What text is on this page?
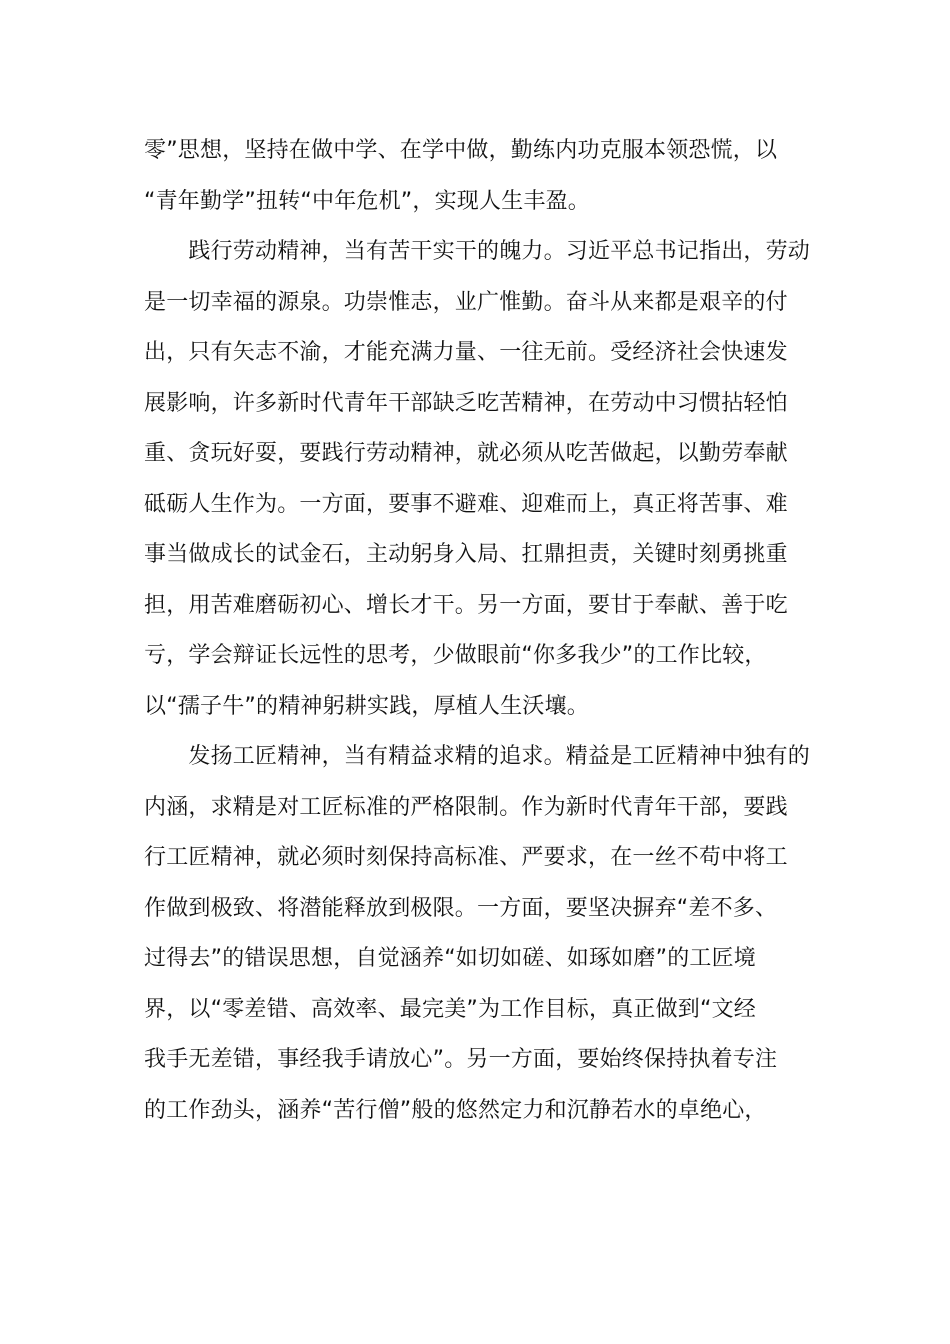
零”思想，坚持在做中学、在学中做，勤练内功克服本领恐慌，以
“青年勤学”扭转“中年危机”，实现人生丰盈。
　　践行劳动精神，当有苦干实干的魄力。习近平总书记指出，劳动
是一切幸福的源泉。功崇惟志，业广惟勤。奋斗从来都是艰辛的付
出，只有矢志不渝，才能充满力量、一往无前。受经济社会快速发
展影响，许多新时代青年干部缺乏吃苦精神，在劳动中习惯拈轻怕
重、贪玩好耍，要践行劳动精神，就必须从吃苦做起，以勤劳奉献
砥砺人生作为。一方面，要事不避难、迎难而上，真正将苦事、难
事当做成长的试金石，主动躬身入局、扛鼎担责，关键时刻勇挑重
担，用苦难磨砺初心、增长才干。另一方面，要甘于奉献、善于吃
亏，学会辩证长远性的思考，少做眼前“你多我少”的工作比较，
以“孺子牛”的精神躬耕实践，厚植人生沃壤。
　　发扬工匠精神，当有精益求精的追求。精益是工匠精神中独有的
内涵，求精是对工匠标准的严格限制。作为新时代青年干部，要践
行工匠精神，就必须时刻保持高标准、严要求，在一丝不苟中将工
作做到极致、将潜能释放到极限。一方面，要坚决摒弃“差不多、
过得去”的错误思想，自觉涵养“如切如磋、如琢如磨”的工匠境
界，以“零差错、高效率、最完美”为工作目标，真正做到“文经
我手无差错，事经我手请放心”。另一方面，要始终保持执着专注
的工作劲头，涵养“苦行僧”般的悠然定力和沉静若水的卓绝心，
